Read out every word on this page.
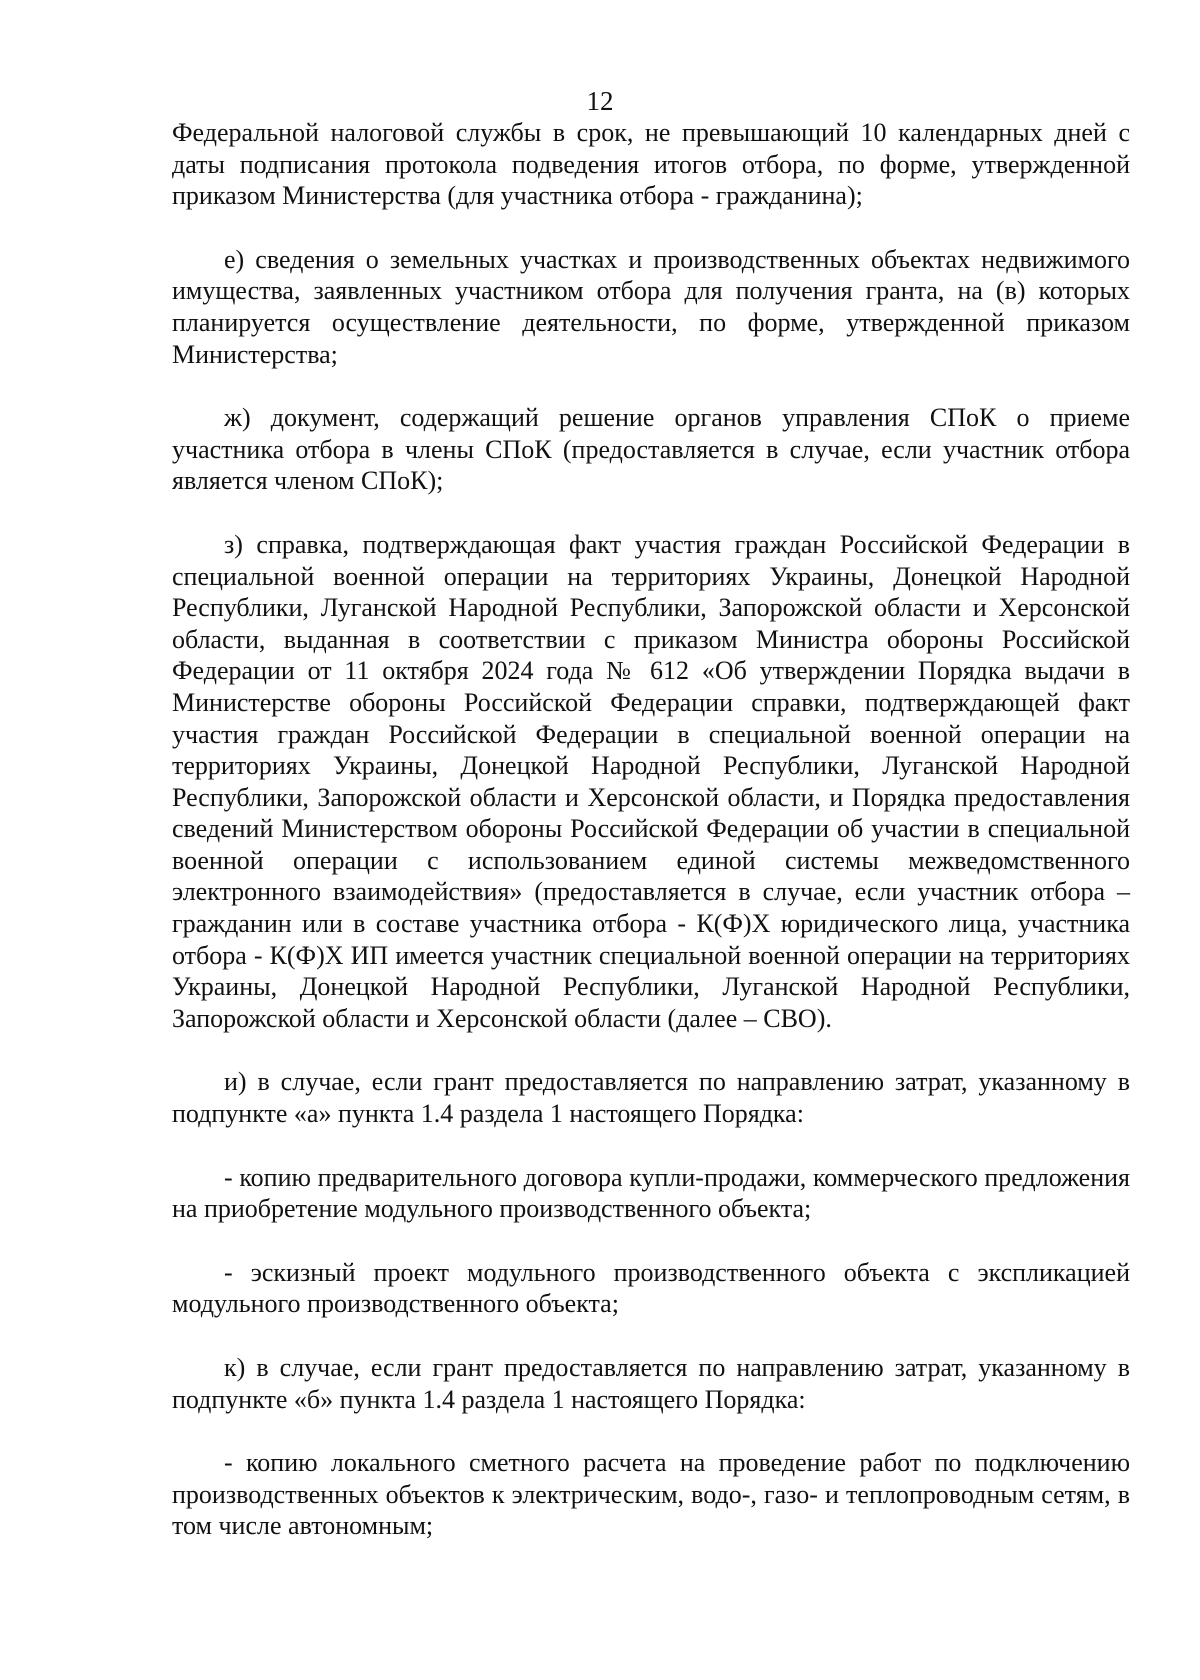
12

Федеральной налоговой службы в срок, не превышающий 10 календарных дней с даты подписания протокола подведения итогов отбора, по форме, утвержденной приказом Министерства (для участника отбора - гражданина);

е) сведения о земельных участках и производственных объектах недвижимого имущества, заявленных участником отбора для получения гранта, на (в) которых планируется осуществление деятельности, по форме, утвержденной приказом Министерства;

ж) документ, содержащий решение органов управления СПоК о приеме участника отбора в члены СПоК (предоставляется в случае, если участник отбора является членом СПоК);

з) справка, подтверждающая факт участия граждан Российской Федерации в специальной военной операции на территориях Украины, Донецкой Народной Республики, Луганской Народной Республики, Запорожской области и Херсонской области, выданная в соответствии с приказом Министра обороны Российской Федерации от 11 октября 2024 года № 612 «Об утверждении Порядка выдачи в Министерстве обороны Российской Федерации справки, подтверждающей факт участия граждан Российской Федерации в специальной военной операции на территориях Украины, Донецкой Народной Республики, Луганской Народной Республики, Запорожской области и Херсонской области, и Порядка предоставления сведений Министерством обороны Российской Федерации об участии в специальной военной операции с использованием единой системы межведомственного электронного взаимодействия» (предоставляется в случае, если участник отбора – гражданин или в составе участника отбора - К(Ф)Х юридического лица, участника отбора - К(Ф)Х ИП имеется участник специальной военной операции на территориях Украины, Донецкой Народной Республики, Луганской Народной Республики, Запорожской области и Херсонской области (далее – СВО).

и) в случае, если грант предоставляется по направлению затрат, указанному в подпункте «а» пункта 1.4 раздела 1 настоящего Порядка:

- копию предварительного договора купли-продажи, коммерческого предложения на приобретение модульного производственного объекта;

- эскизный проект модульного производственного объекта с экспликацией модульного производственного объекта;

к) в случае, если грант предоставляется по направлению затрат, указанному в подпункте «б» пункта 1.4 раздела 1 настоящего Порядка:

- копию локального сметного расчета на проведение работ по подключению производственных объектов к электрическим, водо-, газо- и теплопроводным сетям, в том числе автономным;
